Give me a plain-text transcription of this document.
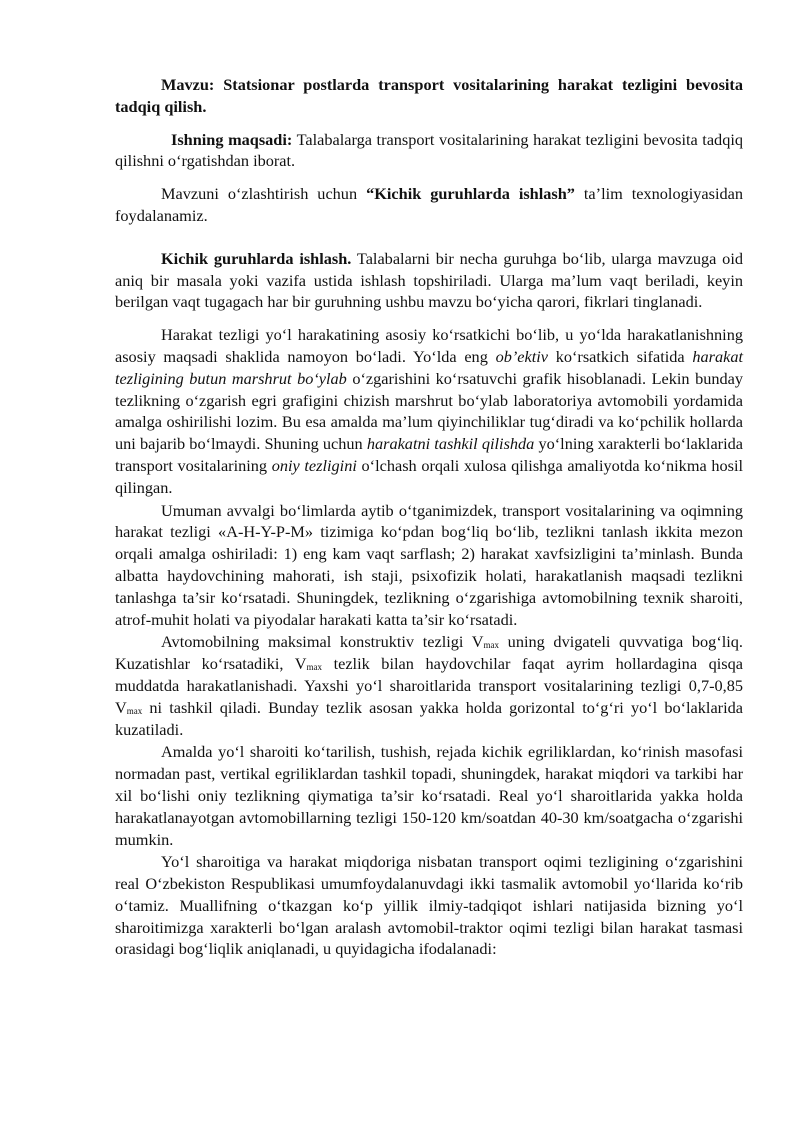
Mavzu: Statsionar postlarda transport vositalarining harakat tezligini bevosita tadqiq qilish.

Ishning maqsadi: Talabalarga transport vositalarining harakat tezligini bevosita tadqiq qilishni o‘rgatishdan iborat.

Mavzuni o‘zlashtirish uchun “Kichik guruhlarda ishlash” ta’lim texnologiyasidan foydalanamiz.

Kichik guruhlarda ishlash. Talabalarni bir necha guruhga bo‘lib, ularga mavzuga oid aniq bir masala yoki vazifa ustida ishlash topshiriladi. Ularga ma’lum vaqt beriladi, keyin berilgan vaqt tugagach har bir guruhning ushbu mavzu bo‘yicha qarori, fikrlari tinglanadi.

Harakat tezligi yo‘l harakatining asosiy ko‘rsatkichi bo‘lib, u yo‘lda harakatlanishning asosiy maqsadi shaklida namoyon bo‘ladi. Yo‘lda eng ob’ektiv ko‘rsatkich sifatida harakat tezligining butun marshrut bo‘ylab o‘zgarishini ko‘rsatuvchi grafik hisoblanadi. Lekin bunday tezlikning o‘zgarish egri grafigini chizish marshrut bo‘ylab laboratoriya avtomobili yordamida amalga oshirilishi lozim. Bu esa amalda ma’lum qiyinchiliklar tug‘diradi va ko‘pchilik hollarda uni bajarib bo‘lmaydi. Shuning uchun harakatni tashkil qilishda yo‘lning xarakterli bo‘laklarida transport vositalarining oniy tezligini o‘lchash orqali xulosa qilishga amaliyotda ko‘nikma hosil qilingan.

Umuman avvalgi bo‘limlarda aytib o‘tganimizdek, transport vositalarining va oqimning harakat tezligi «A-H-Y-P-M» tizimiga ko‘pdan bog‘liq bo‘lib, tezlikni tanlash ikkita mezon orqali amalga oshiriladi: 1) eng kam vaqt sarflash; 2) harakat xavfsizligini ta’minlash. Bunda albatta haydovchining mahorati, ish staji, psixofizik holati, harakatlanish maqsadi tezlikni tanlashga ta’sir ko‘rsatadi. Shuningdek, tezlikning o‘zgarishiga avtomobilning texnik sharoiti, atrof-muhit holati va piyodalar harakati katta ta’sir ko‘rsatadi.

Avtomobilning maksimal konstruktiv tezligi $V_{max}$ uning dvigateli quvvatiga bog‘liq. Kuzatishlar ko‘rsatadiki, $V_{max}$ tezlik bilan haydovchilar faqat ayrim hollardagina qisqa muddatda harakatlanishadi. Yaxshi yo‘l sharoitlarida transport vositalarining tezligi 0,7-0,85 $V_{max}$ ni tashkil qiladi. Bunday tezlik asosan yakka holda gorizontal to‘g‘ri yo‘l bo‘laklarida kuzatiladi.

Amalda yo‘l sharoiti ko‘tarilish, tushish, rejada kichik egriliklardan, ko‘rinish masofasi normadan past, vertikal egriliklardan tashkil topadi, shuningdek, harakat miqdori va tarkibi har xil bo‘lishi oniy tezlikning qiymatiga ta’sir ko‘rsatadi. Real yo‘l sharoitlarida yakka holda harakatlanayotgan avtomobillarning tezligi 150-120 km/soatdan 40-30 km/soatgacha o‘zgarishi mumkin.

Yo‘l sharoitiga va harakat miqdoriga nisbatan transport oqimi tezligining o‘zgarishini real O‘zbekiston Respublikasi umumfoydalanuvdagi ikki tasmalik avtomobil yo‘llarida ko‘rib o‘tamiz. Muallifning o‘tkazgan ko‘p yillik ilmiy-tadqiqot ishlari natijasida bizning yo‘l sharoitimizga xarakterli bo‘lgan aralash avtomobil-traktor oqimi tezligi bilan harakat tasmasi orasidagi bog‘liqlik aniqlanadi, u quyidagicha ifodalanadi:
